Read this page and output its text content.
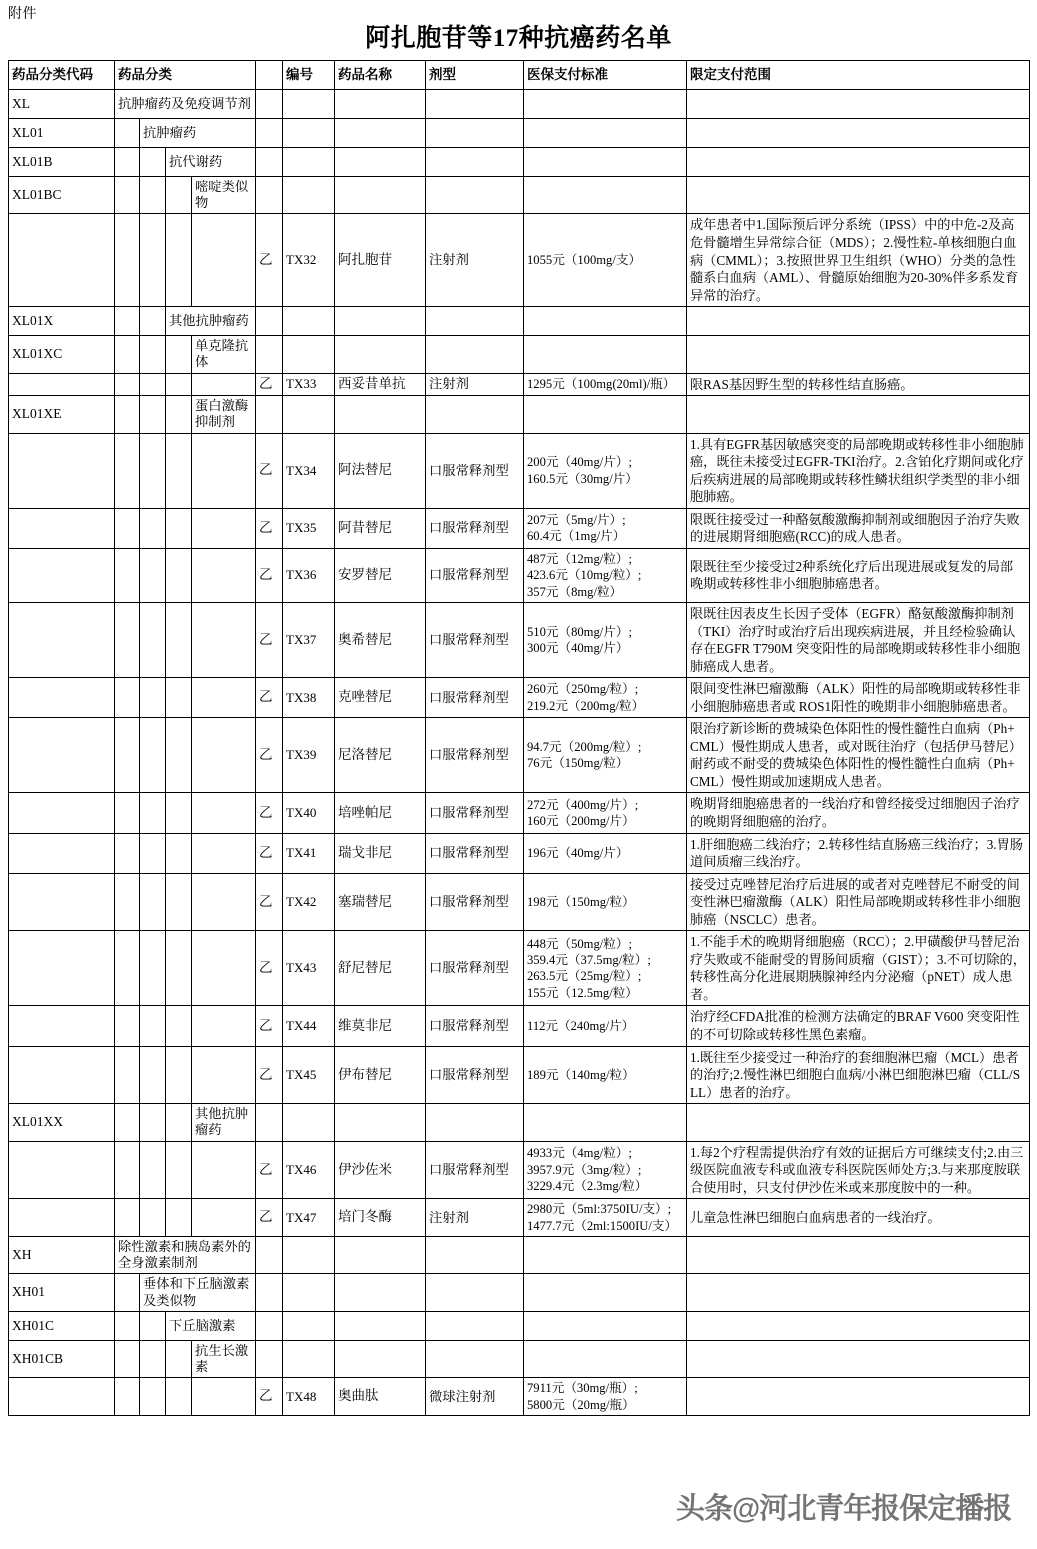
附件
阿扎胞苷等17种抗癌药名单
药品分类代码	药品分类					编号	药品名称	剂型	医保支付标准	限定支付范围
XL	抗肿瘤药及免疫调节剂									
XL01		抗肿瘤药								
XL01B			抗代谢药							
XL01BC				嘧啶类似物						
					乙	TX32	阿扎胞苷	注射剂	1055元（100mg/支）	成年患者中1.国际预后评分系统（IPSS）中的中危-2及高危骨髓增生异常综合征（MDS）；2.慢性粒-单核细胞白血病（CMML）；3.按照世界卫生组织（WHO）分类的急性髓系白血病（AML）、骨髓原始细胞为20-30%伴多系发育异常的治疗。
XL01X			其他抗肿瘤药							
XL01XC				单克隆抗体						
					乙	TX33	西妥昔单抗	注射剂	1295元（100mg(20ml)/瓶）	限RAS基因野生型的转移性结直肠癌。
XL01XE				蛋白激酶抑制剂						
					乙	TX34	阿法替尼	口服常释剂型	200元（40mg/片）;
160.5元（30mg/片）	1.具有EGFR基因敏感突变的局部晚期或转移性非小细胞肺癌，既往未接受过EGFR-TKI治疗。2.含铂化疗期间或化疗后疾病进展的局部晚期或转移性鳞状组织学类型的非小细胞肺癌。
					乙	TX35	阿昔替尼	口服常释剂型	207元（5mg/片）;
60.4元（1mg/片）	限既往接受过一种酪氨酸激酶抑制剂或细胞因子治疗失败的进展期肾细胞癌(RCC)的成人患者。
					乙	TX36	安罗替尼	口服常释剂型	487元（12mg/粒）;
423.6元（10mg/粒）;
357元（8mg/粒）	限既往至少接受过2种系统化疗后出现进展或复发的局部晚期或转移性非小细胞肺癌患者。
					乙	TX37	奥希替尼	口服常释剂型	510元（80mg/片）;
300元（40mg/片）	限既往因表皮生长因子受体（EGFR）酪氨酸激酶抑制剂（TKI）治疗时或治疗后出现疾病进展，并且经检验确认存在EGFR T790M 突变阳性的局部晚期或转移性非小细胞肺癌成人患者。
					乙	TX38	克唑替尼	口服常释剂型	260元（250mg/粒）;
219.2元（200mg/粒）	限间变性淋巴瘤激酶（ALK）阳性的局部晚期或转移性非小细胞肺癌患者或 ROS1阳性的晚期非小细胞肺癌患者。
					乙	TX39	尼洛替尼	口服常释剂型	94.7元（200mg/粒）;
76元（150mg/粒）	限治疗新诊断的费城染色体阳性的慢性髓性白血病（Ph+ CML）慢性期成人患者，或对既往治疗（包括伊马替尼）耐药或不耐受的费城染色体阳性的慢性髓性白血病（Ph+ CML）慢性期或加速期成人患者。
					乙	TX40	培唑帕尼	口服常释剂型	272元（400mg/片）;
160元（200mg/片）	晚期肾细胞癌患者的一线治疗和曾经接受过细胞因子治疗的晚期肾细胞癌的治疗。
					乙	TX41	瑞戈非尼	口服常释剂型	196元（40mg/片）	1.肝细胞癌二线治疗；2.转移性结直肠癌三线治疗；3.胃肠道间质瘤三线治疗。
					乙	TX42	塞瑞替尼	口服常释剂型	198元（150mg/粒）	接受过克唑替尼治疗后进展的或者对克唑替尼不耐受的间变性淋巴瘤激酶（ALK）阳性局部晚期或转移性非小细胞肺癌（NSCLC）患者。
					乙	TX43	舒尼替尼	口服常释剂型	448元（50mg/粒）;
359.4元（37.5mg/粒）;
263.5元（25mg/粒）;
155元（12.5mg/粒）	1.不能手术的晚期肾细胞癌（RCC）；2.甲磺酸伊马替尼治疗失败或不能耐受的胃肠间质瘤（GIST）；3.不可切除的，转移性高分化进展期胰腺神经内分泌瘤（pNET）成人患者。
					乙	TX44	维莫非尼	口服常释剂型	112元（240mg/片）	治疗经CFDA批准的检测方法确定的BRAF V600 突变阳性的不可切除或转移性黑色素瘤。
					乙	TX45	伊布替尼	口服常释剂型	189元（140mg/粒）	1.既往至少接受过一种治疗的套细胞淋巴瘤（MCL）患者的治疗;2.慢性淋巴细胞白血病/小淋巴细胞淋巴瘤（CLL/SLL）患者的治疗。
XL01XX				其他抗肿瘤药						
					乙	TX46	伊沙佐米	口服常释剂型	4933元（4mg/粒）;
3957.9元（3mg/粒）;
3229.4元（2.3mg/粒）	1.每2个疗程需提供治疗有效的证据后方可继续支付;2.由三级医院血液专科或血液专科医院医师处方;3.与来那度胺联合使用时，只支付伊沙佐米或来那度胺中的一种。
					乙	TX47	培门冬酶	注射剂	2980元（5ml:3750IU/支）;
1477.7元（2ml:1500IU/支）	儿童急性淋巴细胞白血病患者的一线治疗。
XH	除性激素和胰岛素外的全身激素制剂									
XH01		垂体和下丘脑激素及类似物								
XH01C			下丘脑激素							
XH01CB				抗生长激素						
					乙	TX48	奥曲肽	微球注射剂	7911元（30mg/瓶）;
5800元（20mg/瓶）	
头条@河北青年报保定播报
